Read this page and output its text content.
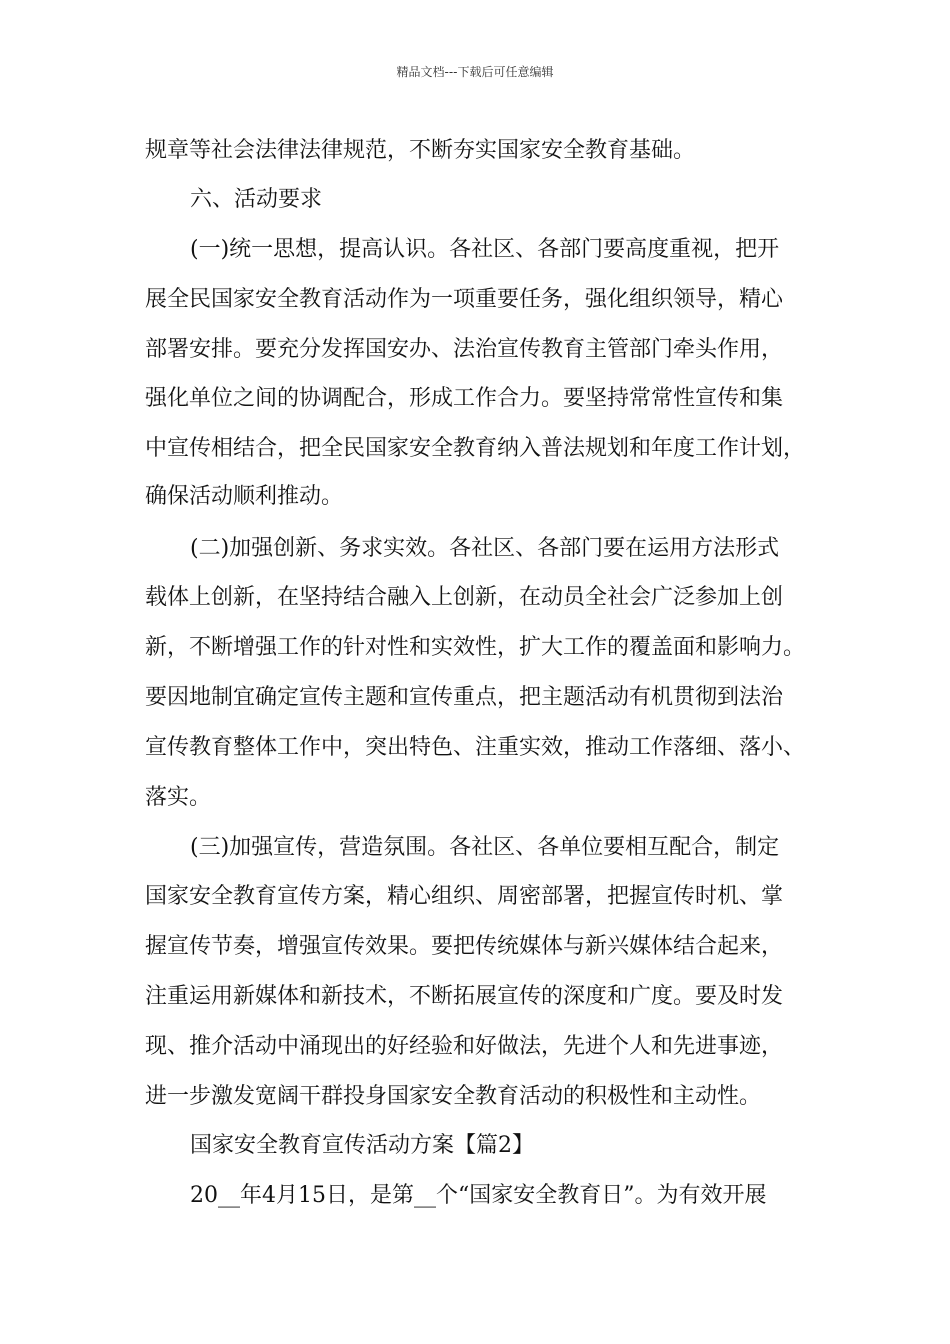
精品文档---下载后可任意编辑
规章等社会法律法律规范，不断夯实国家安全教育基础。
六、活动要求
(一)统一思想，提高认识。各社区、各部门要高度重视，把开
展全民国家安全教育活动作为一项重要任务，强化组织领导，精心
部署安排。要充分发挥国安办、法治宣传教育主管部门牵头作用，
强化单位之间的协调配合，形成工作合力。要坚持常常性宣传和集
中宣传相结合，把全民国家安全教育纳入普法规划和年度工作计划，
确保活动顺利推动。
(二)加强创新、务求实效。各社区、各部门要在运用方法形式
载体上创新，在坚持结合融入上创新，在动员全社会广泛参加上创
新，不断增强工作的针对性和实效性，扩大工作的覆盖面和影响力。
要因地制宜确定宣传主题和宣传重点，把主题活动有机贯彻到法治
宣传教育整体工作中，突出特色、注重实效，推动工作落细、落小、
落实。
(三)加强宣传，营造氛围。各社区、各单位要相互配合，制定
国家安全教育宣传方案，精心组织、周密部署，把握宣传时机、掌
握宣传节奏，增强宣传效果。要把传统媒体与新兴媒体结合起来，
注重运用新媒体和新技术，不断拓展宣传的深度和广度。要及时发
现、推介活动中涌现出的好经验和好做法，先进个人和先进事迹，
进一步激发宽阔干群投身国家安全教育活动的积极性和主动性。
国家安全教育宣传活动方案【篇2】
20__年4月15日，是第__个“国家安全教育日”。为有效开展
